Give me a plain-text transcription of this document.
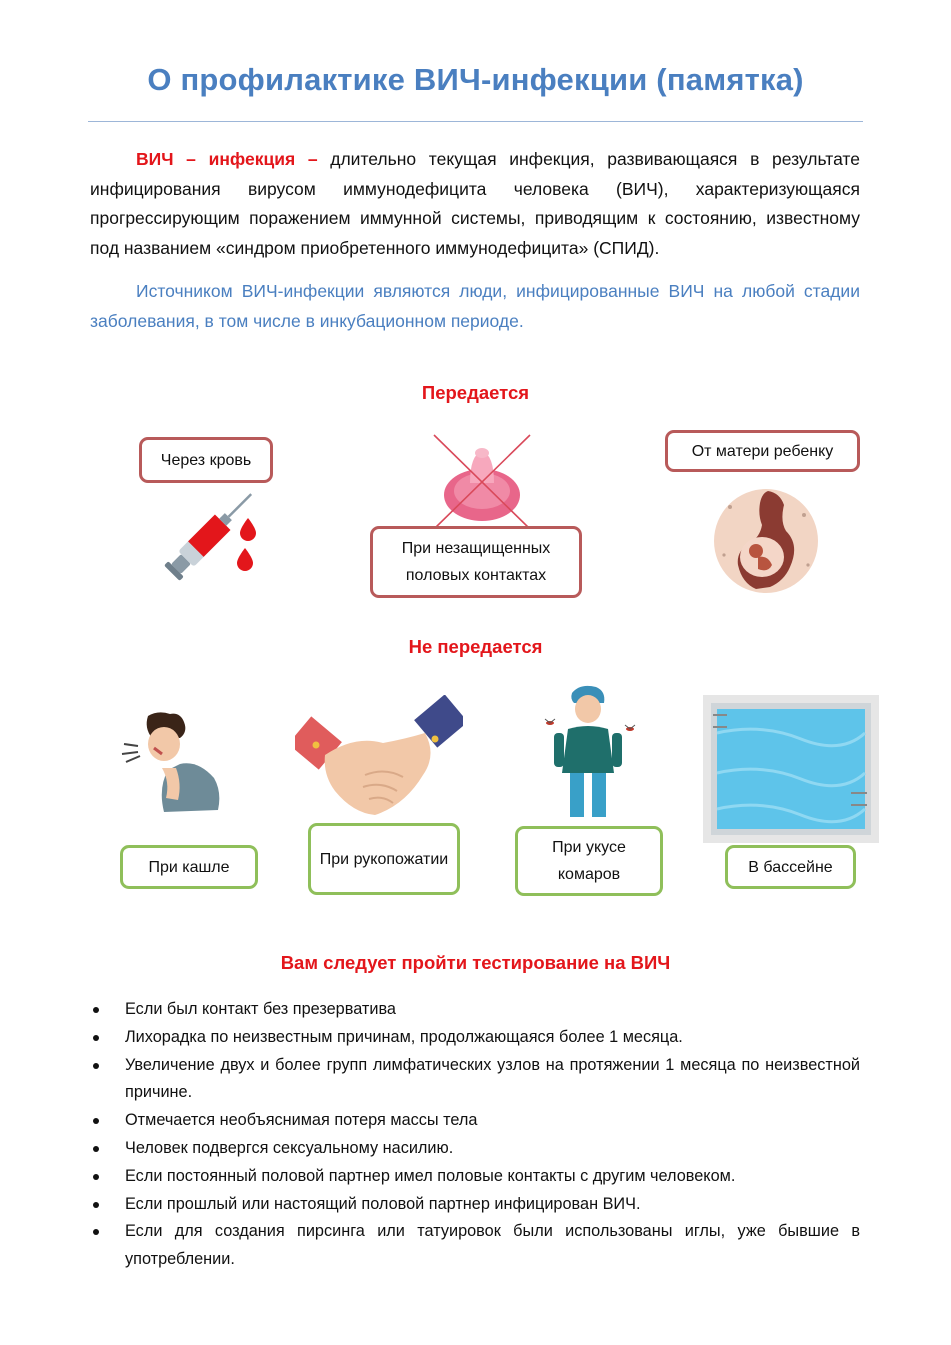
О профилактике ВИЧ-инфекции (памятка)

ВИЧ – инфекция – длительно текущая инфекция, развивающаяся в результате инфицирования вирусом иммунодефицита человека (ВИЧ), характеризующаяся прогрессирующим поражением иммунной системы, приводящим к состоянию, известному под названием «синдром приобретенного иммунодефицита» (СПИД).

Источником ВИЧ-инфекции являются люди, инфицированные ВИЧ на любой стадии заболевания, в том числе в инкубационном периоде.

Передается
Через кровь
При незащищенных половых контактах
От матери ребенку
Не передается
При кашле	При рукопожатии
При укусе комаров	В бассейне
Вам следует пройти тестирование на ВИЧ
Если был контакт без презерватива
Лихорадка по неизвестным причинам, продолжающаяся более 1 месяца.
Увеличение двух и более групп лимфатических узлов на протяжении 1 месяца по неизвестной причине.
Отмечается необъяснимая потеря массы тела
Человек подвергся сексуальному насилию.
Если постоянный половой партнер имел половые контакты с другим человеком.
Если прошлый или настоящий половой партнер инфицирован ВИЧ.
Если для создания пирсинга или татуировок были использованы иглы, уже бывшие в употреблении.
